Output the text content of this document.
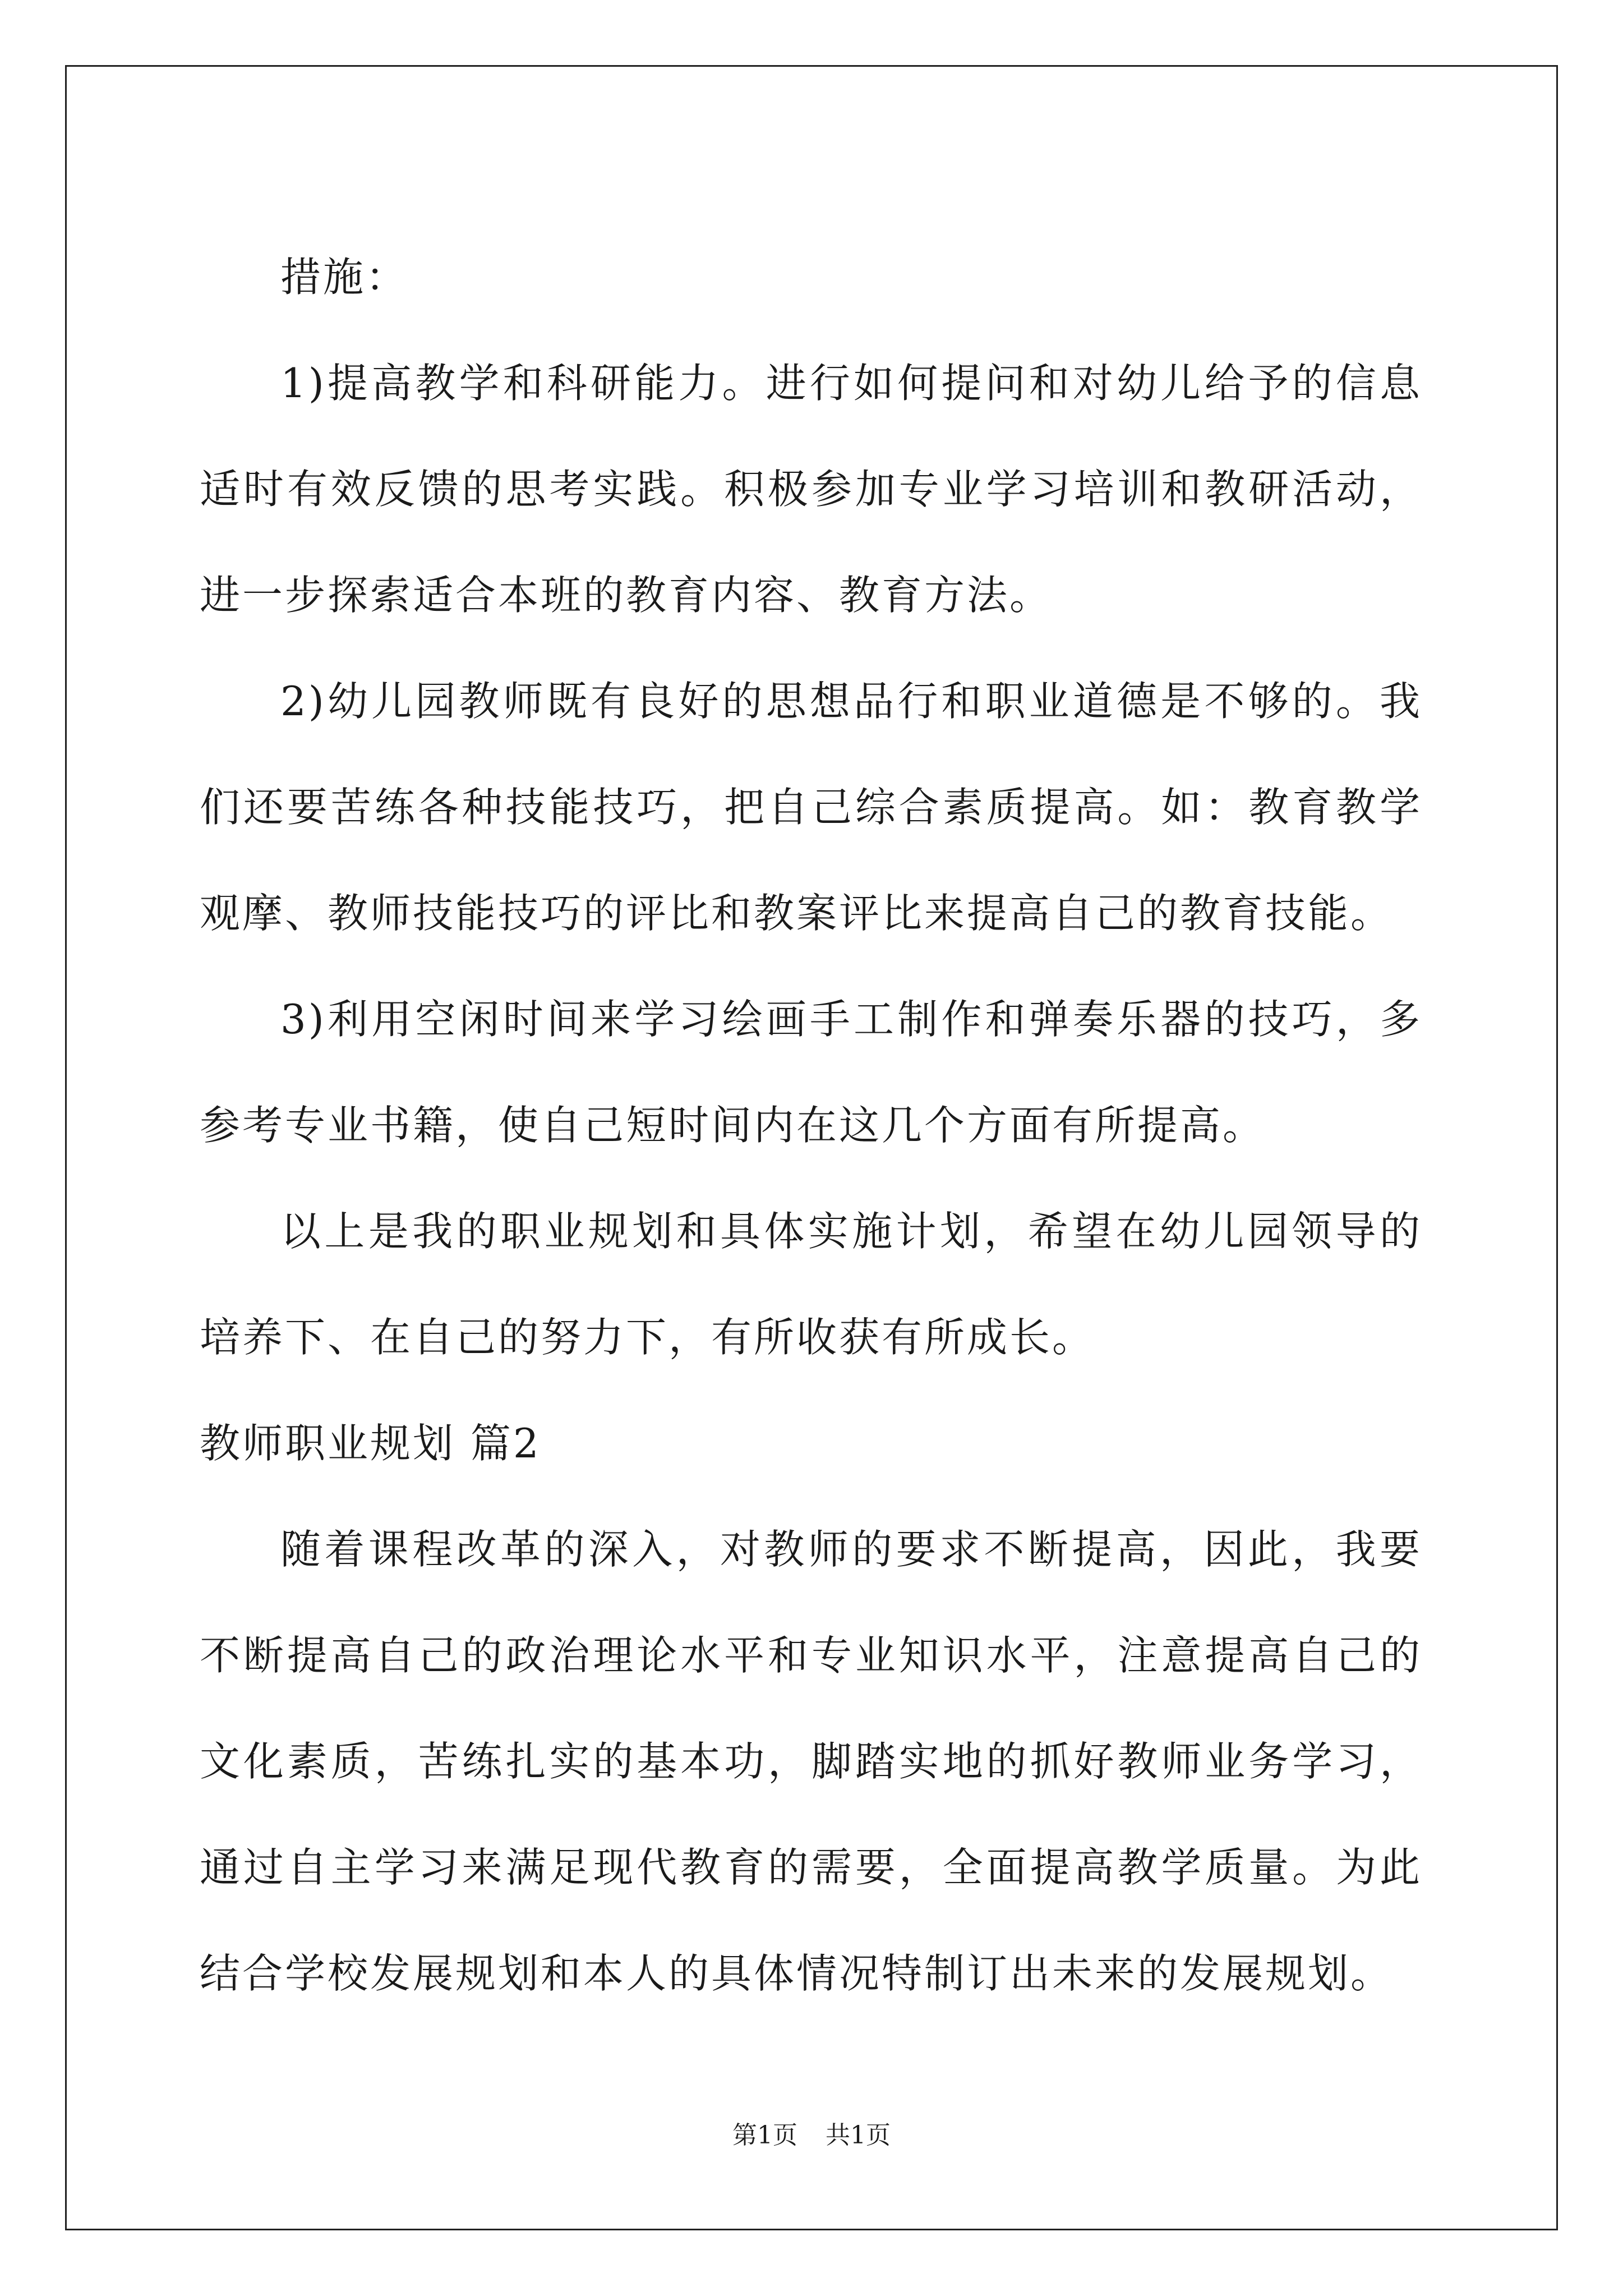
措施：

1)提高教学和科研能力。进行如何提问和对幼儿给予的信息适时有效反馈的思考实践。积极参加专业学习培训和教研活动，进一步探索适合本班的教育内容、教育方法。

2)幼儿园教师既有良好的思想品行和职业道德是不够的。我们还要苦练各种技能技巧，把自己综合素质提高。如：教育教学观摩、教师技能技巧的评比和教案评比来提高自己的教育技能。

3)利用空闲时间来学习绘画手工制作和弹奏乐器的技巧，多参考专业书籍，使自己短时间内在这几个方面有所提高。

以上是我的职业规划和具体实施计划，希望在幼儿园领导的培养下、在自己的努力下，有所收获有所成长。

教师职业规划 篇2

随着课程改革的深入，对教师的要求不断提高，因此，我要不断提高自己的政治理论水平和专业知识水平，注意提高自己的文化素质，苦练扎实的基本功，脚踏实地的抓好教师业务学习，通过自主学习来满足现代教育的需要，全面提高教学质量。为此结合学校发展规划和本人的具体情况特制订出未来的发展规划。

第1页 共1页
